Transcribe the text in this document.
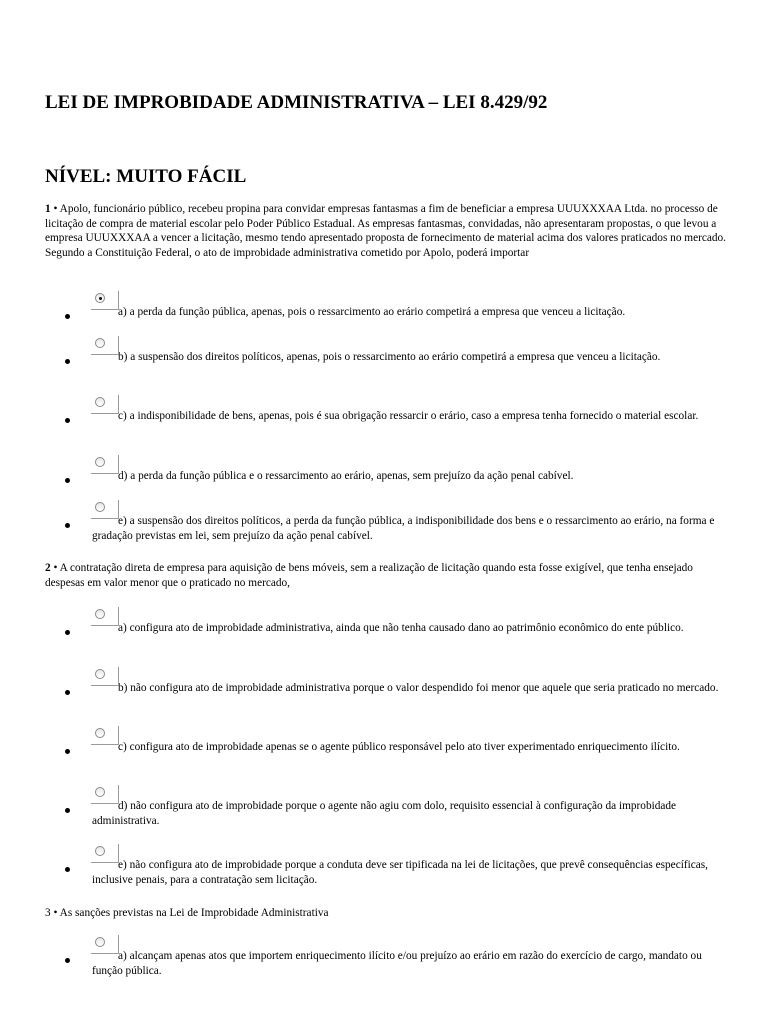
LEI DE IMPROBIDADE ADMINISTRATIVA – LEI 8.429/92
NÍVEL: MUITO FÁCIL
1 • Apolo, funcionário público, recebeu propina para convidar empresas fantasmas a fim de beneficiar a empresa UUUXXXAA Ltda. no processo de licitação de compra de material escolar pelo Poder Público Estadual. As empresas fantasmas, convidadas, não apresentaram propostas, o que levou a empresa UUUXXXAA a vencer a licitação, mesmo tendo apresentado proposta de fornecimento de material acima dos valores praticados no mercado. Segundo a Constituição Federal, o ato de improbidade administrativa cometido por Apolo, poderá importar
a) a perda da função pública, apenas, pois o ressarcimento ao erário competirá a empresa que venceu a licitação.
b) a suspensão dos direitos políticos, apenas, pois o ressarcimento ao erário competirá a empresa que venceu a licitação.
c) a indisponibilidade de bens, apenas, pois é sua obrigação ressarcir o erário, caso a empresa tenha fornecido o material escolar.
d) a perda da função pública e o ressarcimento ao erário, apenas, sem prejuízo da ação penal cabível.
e) a suspensão dos direitos políticos, a perda da função pública, a indisponibilidade dos bens e o ressarcimento ao erário, na forma e gradação previstas em lei, sem prejuízo da ação penal cabível.
2 • A contratação direta de empresa para aquisição de bens móveis, sem a realização de licitação quando esta fosse exigível, que tenha ensejado despesas em valor menor que o praticado no mercado,
a) configura ato de improbidade administrativa, ainda que não tenha causado dano ao patrimônio econômico do ente público.
b) não configura ato de improbidade administrativa porque o valor despendido foi menor que aquele que seria praticado no mercado.
c) configura ato de improbidade apenas se o agente público responsável pelo ato tiver experimentado enriquecimento ilícito.
d) não configura ato de improbidade porque o agente não agiu com dolo, requisito essencial à configuração da improbidade administrativa.
e) não configura ato de improbidade porque a conduta deve ser tipificada na lei de licitações, que prevê consequências específicas, inclusive penais, para a contratação sem licitação.
3 • As sanções previstas na Lei de Improbidade Administrativa
a) alcançam apenas atos que importem enriquecimento ilícito e/ou prejuízo ao erário em razão do exercício de cargo, mandato ou função pública.
